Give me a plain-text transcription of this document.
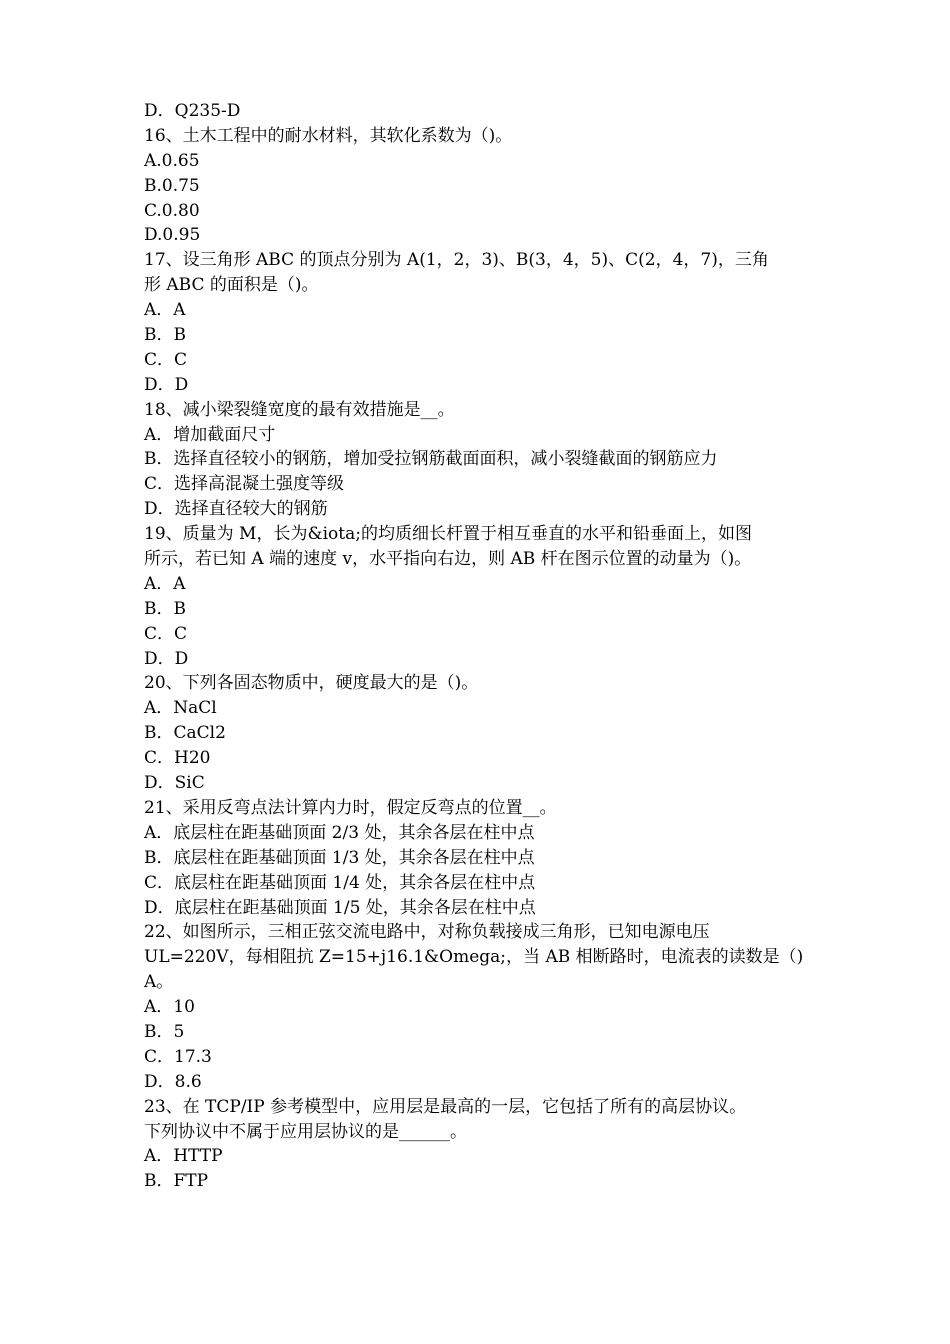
D．Q235-D
16、土木工程中的耐水材料，其软化系数为（)。
A.0.65
B.0.75
C.0.80
D.0.95
17、设三角形 ABC 的顶点分别为 A(1，2，3)、B(3，4，5)、C(2，4，7)，三角
形 ABC 的面积是（)。
A．A
B．B
C．C
D．D
18、减小梁裂缝宽度的最有效措施是__。
A．增加截面尺寸
B．选择直径较小的钢筋，增加受拉钢筋截面面积，减小裂缝截面的钢筋应力
C．选择高混凝土强度等级
D．选择直径较大的钢筋
19、质量为 M，长为&iota;的均质细长杆置于相互垂直的水平和铅垂面上，如图
所示，若已知 A 端的速度 v，水平指向右边，则 AB 杆在图示位置的动量为（)。
A．A
B．B
C．C
D．D
20、下列各固态物质中，硬度最大的是（)。
A．NaCl
B．CaCl2
C．H20
D．SiC
21、采用反弯点法计算内力时，假定反弯点的位置__。
A．底层柱在距基础顶面 2/3 处，其余各层在柱中点
B．底层柱在距基础顶面 1/3 处，其余各层在柱中点
C．底层柱在距基础顶面 1/4 处，其余各层在柱中点
D．底层柱在距基础顶面 1/5 处，其余各层在柱中点
22、如图所示，三相正弦交流电路中，对称负载接成三角形，已知电源电压
UL=220V，每相阻抗 Z=15+j16.1&Omega;，当 AB 相断路时，电流表的读数是（)
A。
A．10
B．5
C．17.3
D．8.6
23、在 TCP/IP 参考模型中，应用层是最高的一层，它包括了所有的高层协议。
下列协议中不属于应用层协议的是______。
A．HTTP
B．FTP
